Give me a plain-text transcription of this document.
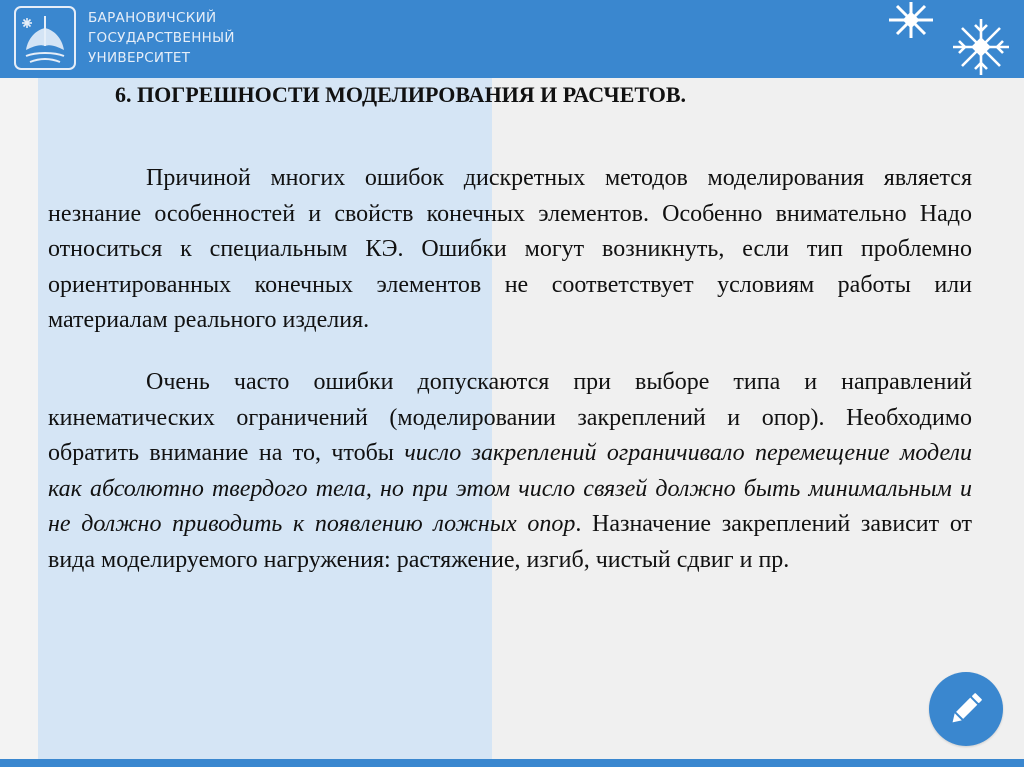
БАРАНОВИЧСКИЙ
ГОСУДАРСТВЕННЫЙ
УНИВЕРСИТЕТ
6. ПОГРЕШНОСТИ МОДЕЛИРОВАНИЯ И РАСЧЕТОВ.
Причиной многих ошибок дискретных методов моделирования является незнание особенностей и свойств конечных элементов. Особенно внимательно Надо относиться к специальным КЭ. Ошибки могут возникнуть, если тип проблемно ориентированных конечных элементов не соответствует условиям работы или материалам реального изделия.
Очень часто ошибки допускаются при выборе типа и направлений кинематических ограничений (моделировании закреплений и опор). Необходимо обратить внимание на то, чтобы число закреплений ограничивало перемещение модели как абсолютно твердого тела, но при этом число связей должно быть минимальным и не должно приводить к появлению ложных опор. Назначение закреплений зависит от вида моделируемого нагружения: растяжение, изгиб, чистый сдвиг и пр.
